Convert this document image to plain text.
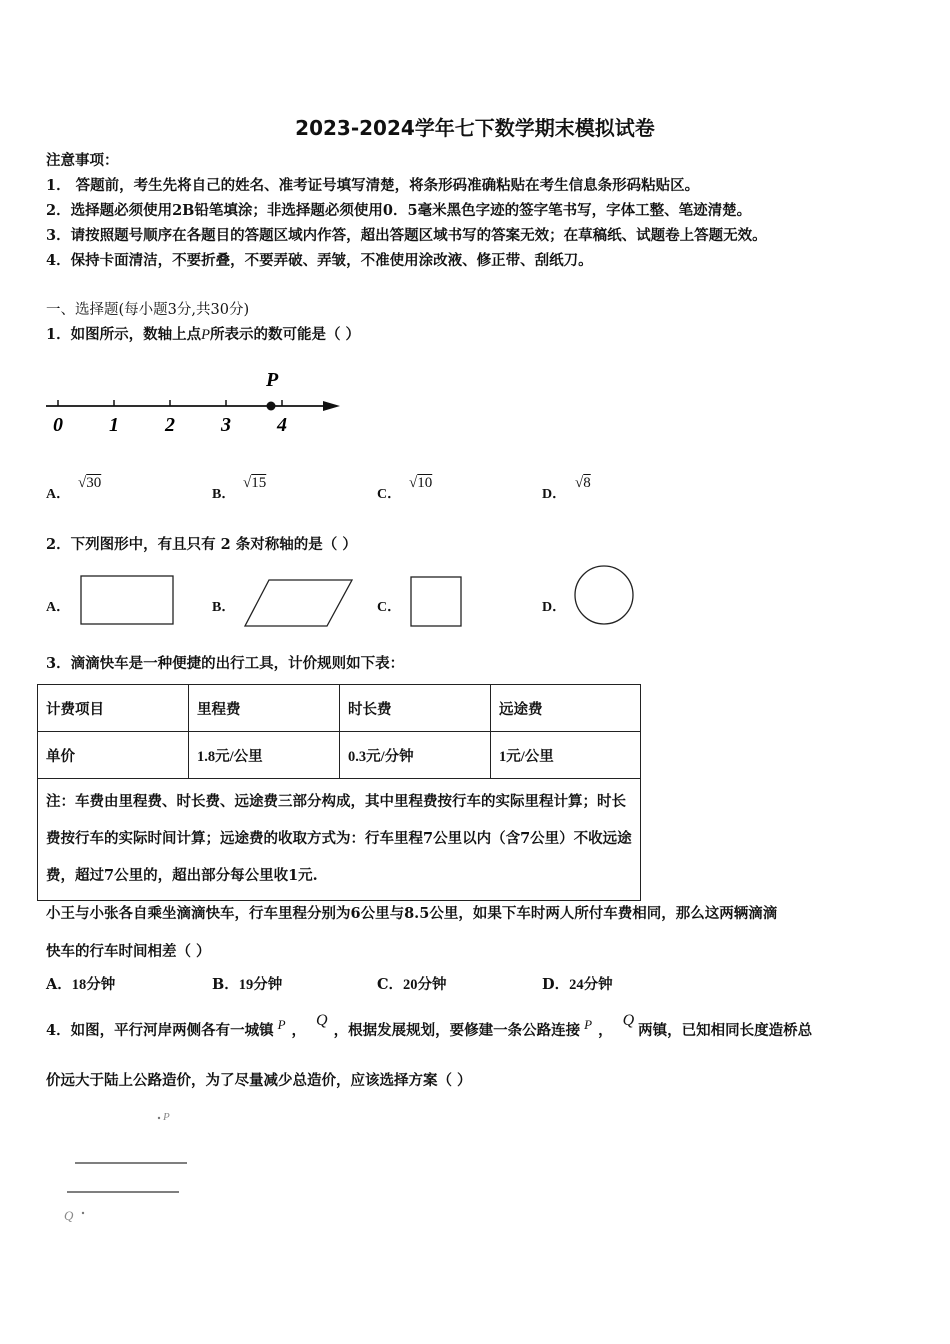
2023-2024学年七下数学期末模拟试卷
注意事项：
1． 答题前，考生先将自己的姓名、准考证号填写清楚，将条形码准确粘贴在考生信息条形码粘贴区。
2．选择题必须使用2B铅笔填涂；非选择题必须使用0．5毫米黑色字迹的签字笔书写，字体工整、笔迹清楚。
3．请按照题号顺序在各题目的答题区域内作答，超出答题区域书写的答案无效；在草稿纸、试题卷上答题无效。
4．保持卡面清洁，不要折叠，不要弄破、弄皱，不准使用涂改液、修正带、刮纸刀。
一、选择题(每小题3分,共30分)
1．如图所示，数轴上点P所表示的数可能是（ ）
P
0 1 2 3 4
A．
√30
B．
√15
C．
√10
D．
√8
2．下列图形中，有且只有 2 条对称轴的是（ ）
A．	B．	C．	D．
3．滴滴快车是一种便捷的出行工具，计价规则如下表：
计费项目	里程费	时长费	远途费
单价	1.8元/公里	0.3元/分钟	1元/公里
注：车费由里程费、时长费、远途费三部分构成，其中里程费按行车的实际里程计算；时长费按行车的实际时间计算；远途费的收取方式为：行车里程7公里以内（含7公里）不收远途费，超过7公里的，超出部分每公里收1元.			
小王与小张各自乘坐滴滴快车，行车里程分别为6公里与8.5公里，如果下车时两人所付车费相同，那么这两辆滴滴
快车的行车时间相差（ ）
A．18分钟	B．19分钟	C．20分钟	D．24分钟
4．如图，平行河岸两侧各有一城镇 P ，Q，根据发展规划，要修建一条公路连接 P ，Q两镇，已知相同长度造桥总
价远大于陆上公路造价，为了尽量减少总造价，应该选择方案（ ）
P
Q
